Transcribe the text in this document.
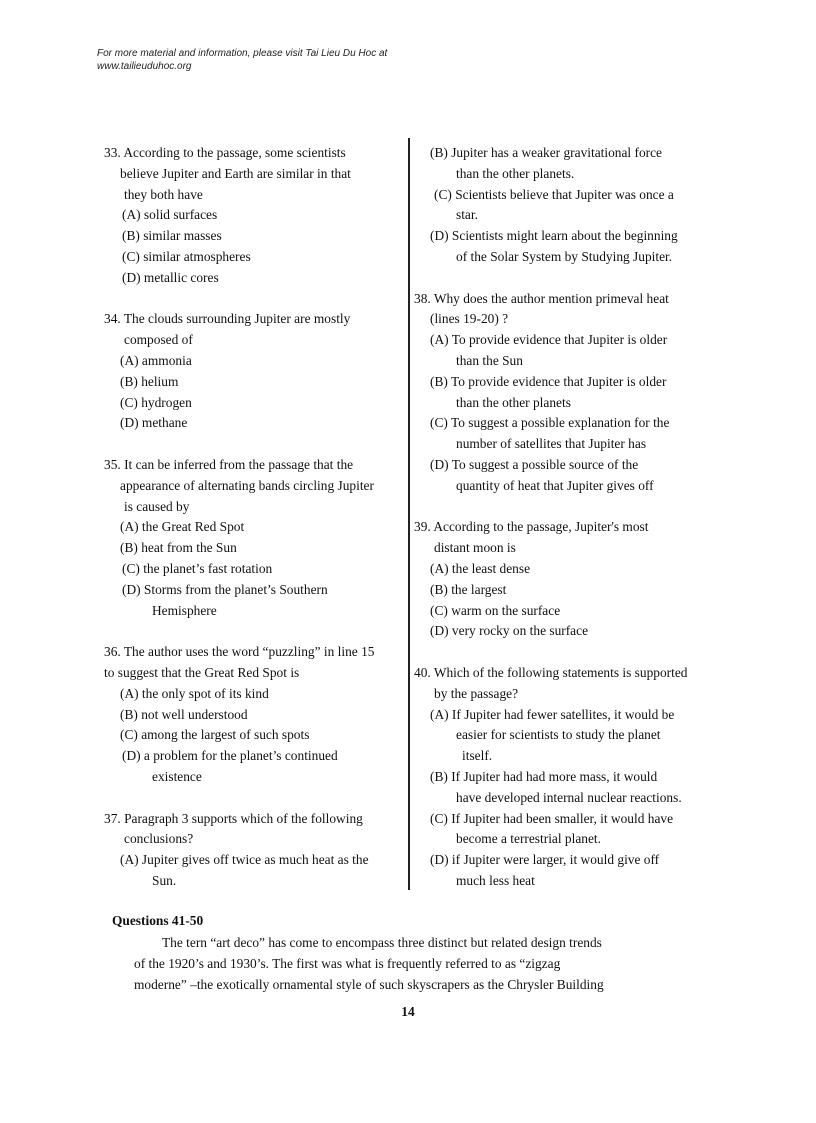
For more material and information, please visit Tai Lieu Du Hoc at
www.tailieuduhoc.org
33. According to the passage, some scientists
believe Jupiter and Earth are similar in that
they both have
(A) solid surfaces
(B) similar masses
(C) similar atmospheres
(D) metallic cores
34. The clouds surrounding Jupiter are mostly
composed of
(A) ammonia
(B) helium
(C) hydrogen
(D) methane
35. It can be inferred from the passage that the
appearance of alternating bands circling Jupiter
is caused by
(A) the Great Red Spot
(B) heat from the Sun
(C) the planet’s fast rotation
(D) Storms from the planet’s Southern
Hemisphere
36. The author uses the word “puzzling” in line 15
to suggest that the Great Red Spot is
(A) the only spot of its kind
(B) not well understood
(C) among the largest of such spots
(D) a problem for the planet’s continued
existence
37. Paragraph 3 supports which of the following
conclusions?
(A) Jupiter gives off twice as much heat as the
Sun.
(B) Jupiter has a weaker gravitational force
than the other planets.
(C) Scientists believe that Jupiter was once a
star.
(D) Scientists might learn about the beginning
of the Solar System by Studying Jupiter.
38. Why does the author mention primeval heat
(lines 19-20) ?
(A) To provide evidence that Jupiter is older
than the Sun
(B) To provide evidence that Jupiter is older
than the other planets
(C) To suggest a possible explanation for the
number of satellites that Jupiter has
(D) To suggest a possible source of the
quantity of heat that Jupiter gives off
39. According to the passage, Jupiter's most
distant moon is
(A) the least dense
(B) the largest
(C) warm on the surface
(D) very rocky on the surface
40. Which of the following statements is supported
by the passage?
(A) If Jupiter had fewer satellites, it would be
easier for scientists to study the planet
itself.
(B) If Jupiter had had more mass, it would
have developed internal nuclear reactions.
(C) If Jupiter had been smaller, it would have
become a terrestrial planet.
(D) if Jupiter were larger, it would give off
much less heat
Questions 41-50
The tern “art deco” has come to encompass three distinct but related design trends
of the 1920’s and 1930’s. The first was what is frequently referred to as “zigzag
moderne” –the exotically ornamental style of such skyscrapers as the Chrysler Building
14
